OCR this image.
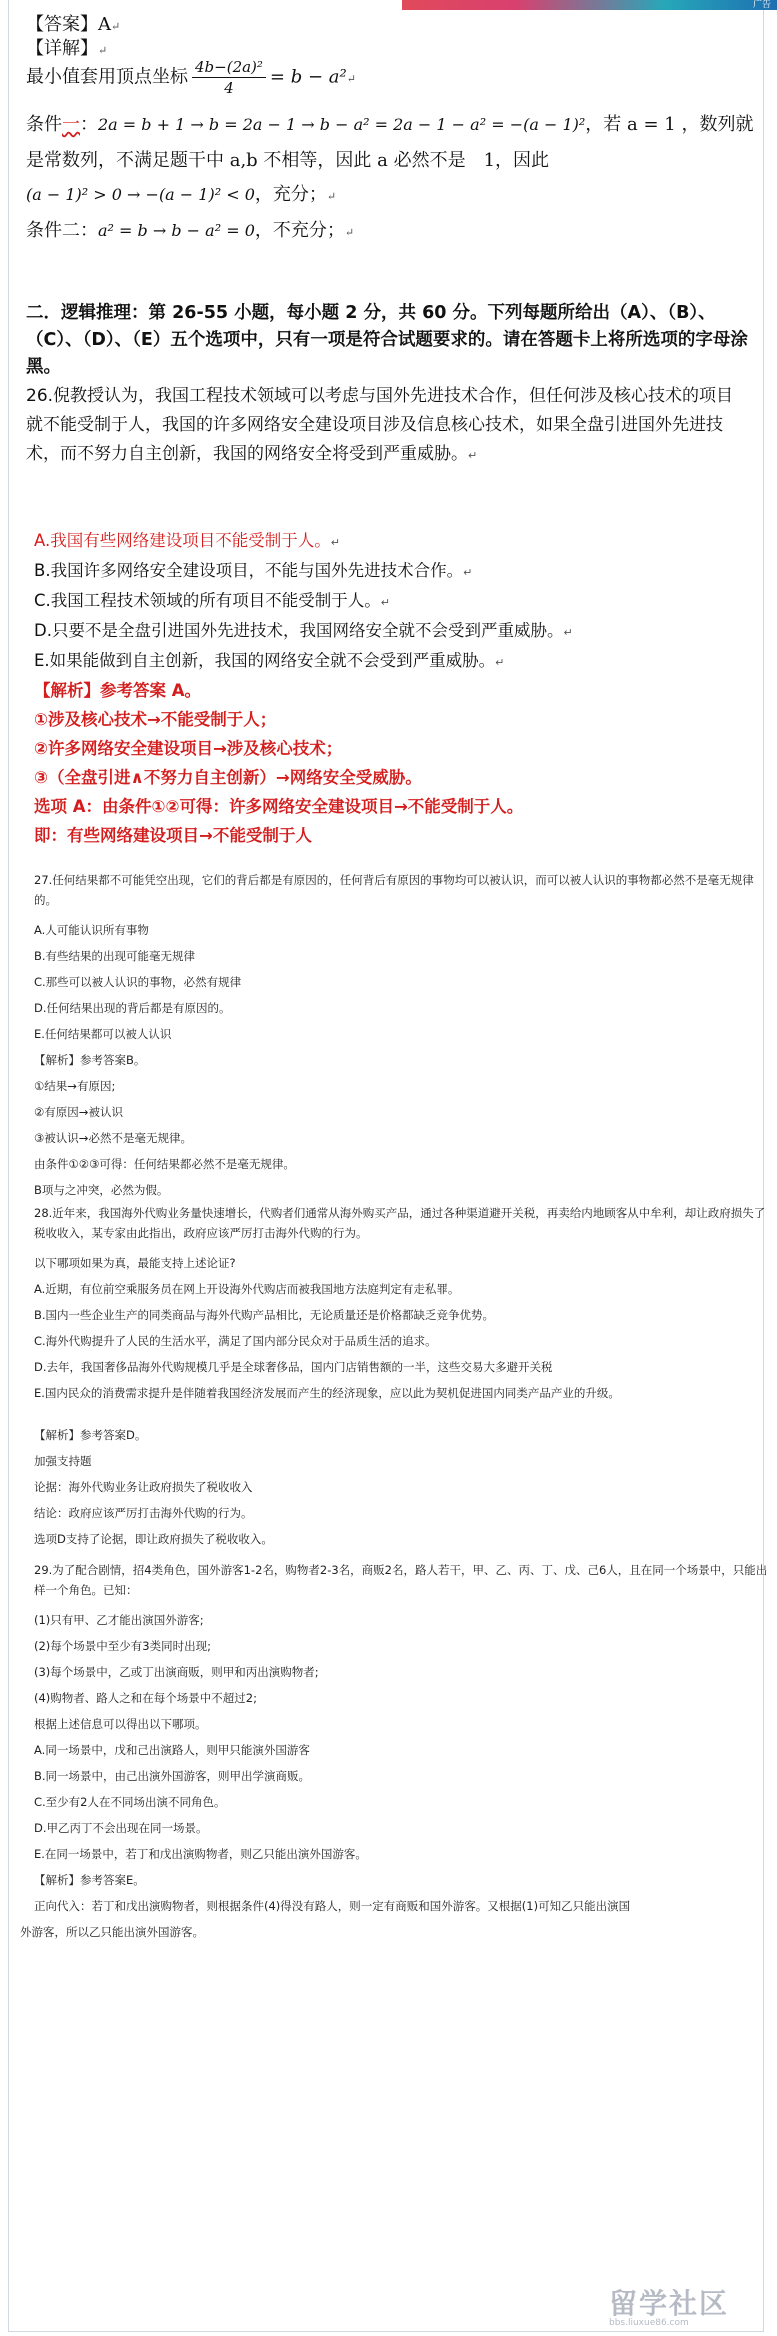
广告
【答案】A↵
【详解】↵
最小值套用顶点坐标 $\frac{\text{4b−(2a)²}}{4} = b$ − a²↵
条件一：2a = b + 1 → b = 2a − 1 → b − a² = 2a − 1 − a² = −(a − 1)²，若 a = 1 ，数列就
是常数列，不满足题干中 a,b 不相等，因此 a 必然不是　1，因此
(a − 1)² > 0 → −(a − 1)² < 0，充分；↵
条件二：a² = b → b − a² = 0，不充分；↵
二．逻辑推理：第 26-55 小题，每小题 2 分，共 60 分。下列每题所给出（A）、（B）、（C）、（D）、（E）五个选项中，只有一项是符合试题要求的。请在答题卡上将所选项的字母涂黑。
26.倪教授认为，我国工程技术领域可以考虑与国外先进技术合作，但任何涉及核心技术的项目就不能受制于人，我国的许多网络安全建设项目涉及信息核心技术，如果全盘引进国外先进技术，而不努力自主创新，我国的网络安全将受到严重威胁。↵
A.我国有些网络建设项目不能受制于人。↵
B.我国许多网络安全建设项目，不能与国外先进技术合作。↵
C.我国工程技术领域的所有项目不能受制于人。↵
D.只要不是全盘引进国外先进技术，我国网络安全就不会受到严重威胁。↵
E.如果能做到自主创新，我国的网络安全就不会受到严重威胁。↵
【解析】参考答案 A。
①涉及核心技术→不能受制于人；
②许多网络安全建设项目→涉及核心技术；
③（全盘引进∧不努力自主创新）→网络安全受威胁。
选项 A：由条件①②可得：许多网络安全建设项目→不能受制于人。
即：有些网络建设项目→不能受制于人
27.任何结果都不可能凭空出现，它们的背后都是有原因的，任何背后有原因的事物均可以被认识，而可以被人认识的事物都必然不是毫无规律的。
A.人可能认识所有事物
B.有些结果的出现可能毫无规律
C.那些可以被人认识的事物，必然有规律
D.任何结果出现的背后都是有原因的。
E.任何结果都可以被人认识
【解析】参考答案B。
①结果→有原因;
②有原因→被认识
③被认识→必然不是毫无规律。
由条件①②③可得：任何结果都必然不是毫无规律。
B项与之冲突，必然为假。
28.近年来，我国海外代购业务量快速增长，代购者们通常从海外购买产品，通过各种渠道避开关税，再卖给内地顾客从中牟利，却让政府损失了税收收入，某专家由此指出，政府应该严厉打击海外代购的行为。
以下哪项如果为真，最能支持上述论证?
A.近期，有位前空乘服务员在网上开设海外代购店而被我国地方法庭判定有走私罪。
B.国内一些企业生产的同类商品与海外代购产品相比，无论质量还是价格都缺乏竞争优势。
C.海外代购提升了人民的生活水平，满足了国内部分民众对于品质生活的追求。
D.去年，我国奢侈品海外代购规模几乎是全球奢侈品，国内门店销售额的一半，这些交易大多避开关税
E.国内民众的消费需求提升是伴随着我国经济发展而产生的经济现象，应以此为契机促进国内同类产品产业的升级。
【解析】参考答案D。
加强支持题
论据：海外代购业务让政府损失了税收收入
结论：政府应该严厉打击海外代购的行为。
选项D支持了论据，即让政府损失了税收收入。
29.为了配合剧情，招4类角色，国外游客1-2名，购物者2-3名，商贩2名，路人若干，甲、乙、丙、丁、戊、己6人，且在同一个场景中，只能出样一个角色。已知：
(1)只有甲、乙才能出演国外游客;
(2)每个场景中至少有3类同时出现;
(3)每个场景中，乙或丁出演商贩，则甲和丙出演购物者;
(4)购物者、路人之和在每个场景中不超过2;
根据上述信息可以得出以下哪项。
A.同一场景中，戊和己出演路人，则甲只能演外国游客
B.同一场景中，由己出演外国游客，则甲出学演商贩。
C.至少有2人在不同场出演不同角色。
D.甲乙丙丁不会出现在同一场景。
E.在同一场景中，若丁和戊出演购物者，则乙只能出演外国游客。
【解析】参考答案E。
正向代入：若丁和戊出演购物者，则根据条件(4)得没有路人，则一定有商贩和国外游客。又根据(1)可知乙只能出演国
外游客，所以乙只能出演外国游客。
留学社区
bbs.liuxue86.com
